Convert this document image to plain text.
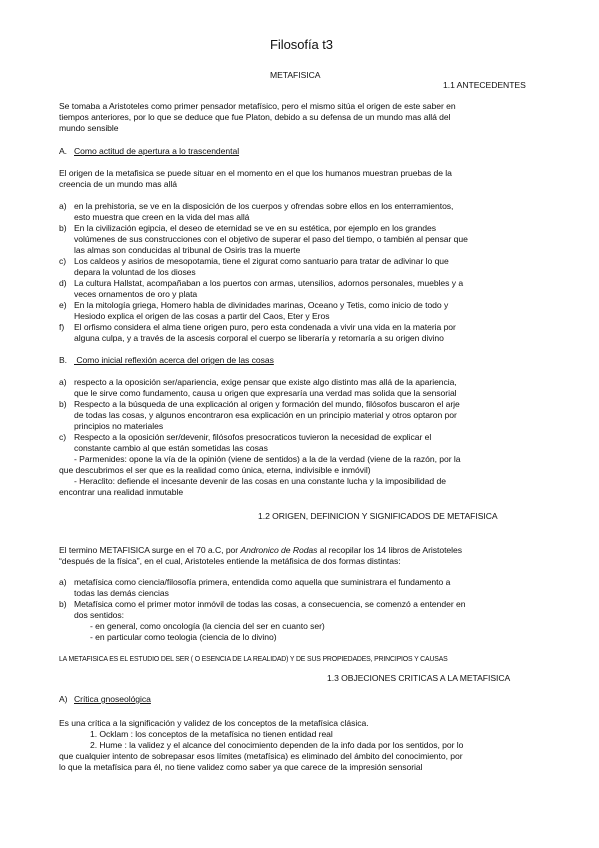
Filosofía t3
METAFISICA
1.1 ANTECEDENTES
Se tomaba a Aristoteles como primer pensador metafísico, pero el mismo sitúa el origen de este saber en
tiempos anteriores, por lo que se deduce que fue Platon, debido a su defensa de un mundo mas allá del
mundo sensible
A. Como actitud de apertura a lo trascendental
El origen de la metafisica se puede situar en el momento en el que los humanos muestran pruebas de la
creencia de un mundo mas allá
a) en la prehistoria, se ve en la disposición de los cuerpos y ofrendas sobre ellos en los enterramientos,
esto muestra que creen en la vida del mas allá
b) En la civilización egipcia, el deseo de eternidad se ve en su estética, por ejemplo en los grandes
volúmenes de sus construcciones con el objetivo de superar el paso del tiempo, o también al pensar que
las almas son conducidas al tribunal de Osiris tras la muerte
c) Los caldeos y asirios de mesopotamia, tiene el zigurat como santuario para tratar de adivinar lo que
depara la voluntad de los dioses
d) La cultura Hallstat, acompañaban a los puertos con armas, utensilios, adornos personales, muebles y a
veces ornamentos de oro y plata
e) En la mitología griega, Homero habla de divinidades marinas, Oceano y Tetis, como inicio de todo y
Hesiodo explica el origen de las cosas a partir del Caos, Eter y Eros
f) El orfismo considera el alma tiene origen puro, pero esta condenada a vivir una vida en la materia por
alguna culpa, y a través de la ascesis corporal el cuerpo se liberaría y retornaría a su origen divino
B. Como inicial reflexión acerca del origen de las cosas
a) respecto a la oposición ser/apariencia, exige pensar que existe algo distinto mas allá de la apariencia,
que le sirve como fundamento, causa u origen que expresaría una verdad mas solida que la sensorial
b) Respecto a la búsqueda de una explicación al origen y formación del mundo, filósofos buscaron el arje
de todas las cosas, y algunos encontraron esa explicación en un principio material y otros optaron por
principios no materiales
c) Respecto a la oposición ser/devenir, filósofos presocraticos tuvieron la necesidad de explicar el
constante cambio al que están sometidas las cosas
- Parmenides: opone la vía de la opinión (viene de sentidos) a la de la verdad (viene de la razón, por la
que descubrimos el ser que es la realidad como única, eterna, indivisible e inmóvil)
- Heraclito: defiende el incesante devenir de las cosas en una constante lucha y la imposibilidad de
encontrar una realidad inmutable
1.2 ORIGEN, DEFINICION Y SIGNIFICADOS DE METAFISICA
El termino METAFISICA surge en el 70 a.C, por Andronico de Rodas al recopilar los 14 libros de Aristoteles
“después de la física”, en el cual, Aristoteles entiende la metáfisica de dos formas distintas:
a) metafísica como ciencia/filosofía primera, entendida como aquella que suministrara el fundamento a
todas las demás ciencias
b) Metafísica como el primer motor inmóvil de todas las cosas, a consecuencia, se comenzó a entender en
dos sentidos:
- en general, como oncología (la ciencia del ser en cuanto ser)
- en particular como teologia (ciencia de lo divino)
LA METAFISICA ES EL ESTUDIO DEL SER ( O ESENCIA DE LA REALIDAD) Y DE SUS PROPIEDADES, PRINCIPIOS Y CAUSAS
1.3 OBJECIONES CRITICAS A LA METAFISICA
A) Crítica gnoseológica
Es una crítica a la significación y validez de los conceptos de la metafísica clásica.
1. Ocklam : los conceptos de la metafísica no tienen entidad real
2. Hume : la validez y el alcance del conocimiento dependen de la info dada por los sentidos, por lo
que cualquier intento de sobrepasar esos límites (metafísica) es eliminado del ámbito del conocimiento, por
lo que la metafísica para él, no tiene validez como saber ya que carece de la impresión sensorial
